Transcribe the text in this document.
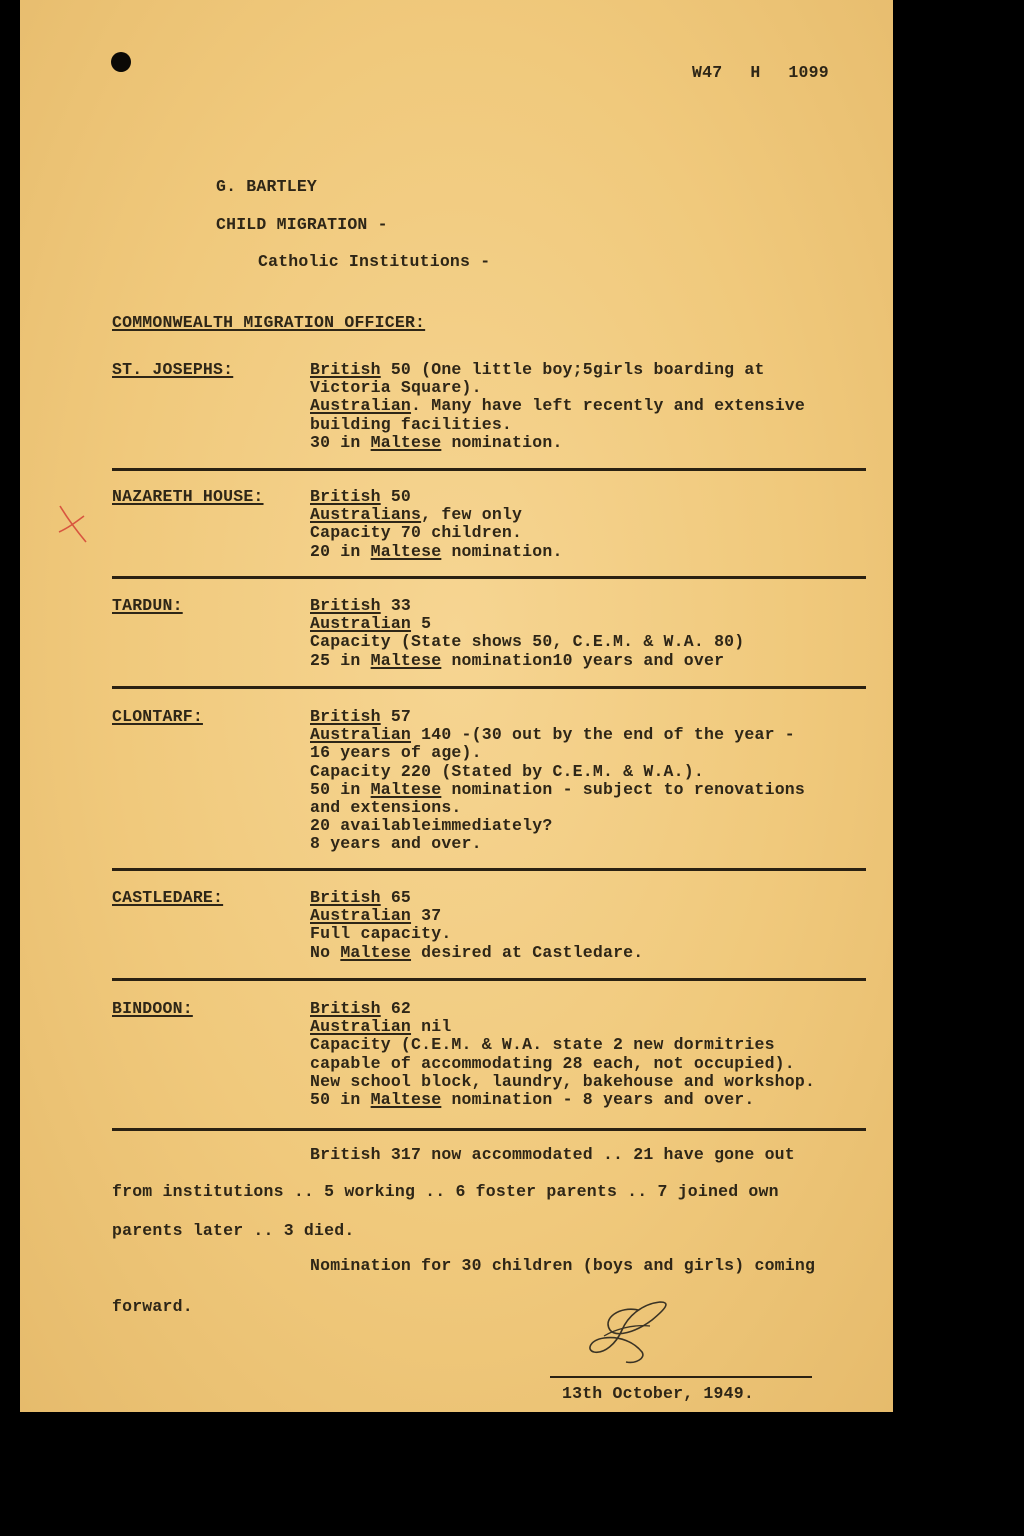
W47 H 1099
G. BARTLEY
CHILD MIGRATION -
Catholic Institutions -
COMMONWEALTH MIGRATION OFFICER:
ST. JOSEPHS:	British 50 (One little boy;5girls boarding at
Victoria Square).
Australian. Many have left recently and extensive
building facilities.
30 in Maltese nomination.
NAZARETH HOUSE:	British 50
Australians, few only
Capacity 70 children.
20 in Maltese nomination.
TARDUN:	British 33
Australian 5
Capacity (State shows 50, C.E.M. & W.A. 80)
25 in Maltese nomination10 years and over
CLONTARF:	British 57
Australian 140 -(30 out by the end of the year -
16 years of age).
Capacity 220 (Stated by C.E.M. & W.A.).
50 in Maltese nomination - subject to renovations
and extensions.
20 availableimmediately?
8 years and over.
CASTLEDARE:	British 65
Australian 37
Full capacity.
No Maltese desired at Castledare.
BINDOON:	British 62
Australian nil
Capacity (C.E.M. & W.A. state 2 new dormitries
capable of accommodating 28 each, not occupied).
New school block, laundry, bakehouse and workshop.
50 in Maltese nomination - 8 years and over.
British 317 now accommodated .. 21 have gone out
from institutions .. 5 working .. 6 foster parents .. 7 joined own
parents later .. 3 died.
Nomination for 30 children (boys and girls) coming
forward.
13th October, 1949.
